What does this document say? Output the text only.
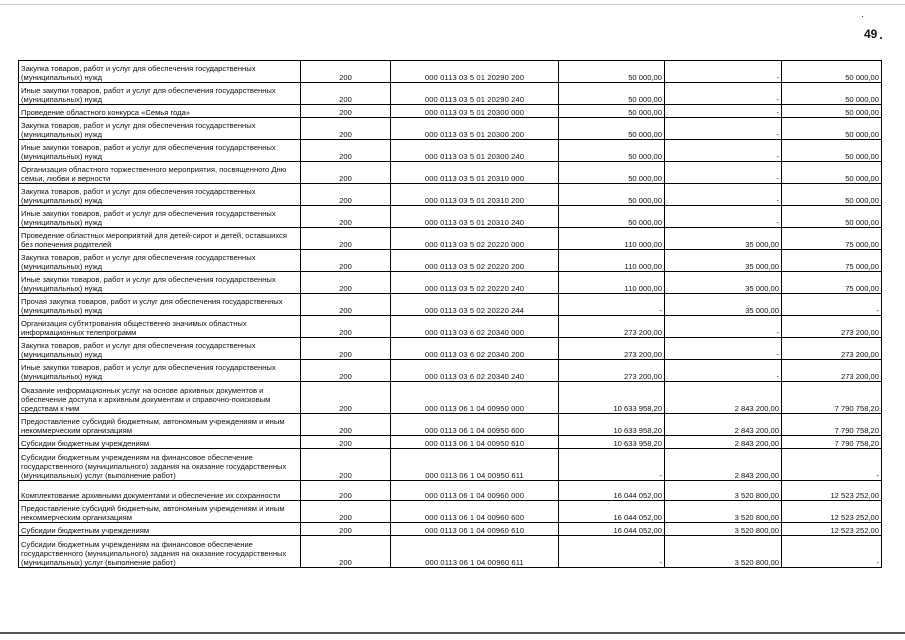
49
Закупка товаров, работ и услуг для обеспечения государственных (муниципальных) нужд	200	000 0113 03 5 01 20290 200	50 000,00	-	50 000,00
Иные закупки товаров, работ и услуг для обеспечения государственных (муниципальных) нужд	200	000 0113 03 5 01 20290 240	50 000,00	-	50 000,00
Проведение областного конкурса «Семья года»	200	000 0113 03 5 01 20300 000	50 000,00	-	50 000,00
Закупка товаров, работ и услуг для обеспечения государственных (муниципальных) нужд	200	000 0113 03 5 01 20300 200	50 000,00	-	50 000,00
Иные закупки товаров, работ и услуг для обеспечения государственных (муниципальных) нужд	200	000 0113 03 5 01 20300 240	50 000,00	-	50 000,00
Организация областного торжественного мероприятия, посвященного Дню семьи, любви и верности	200	000 0113 03 5 01 20310 000	50 000,00	-	50 000,00
Закупка товаров, работ и услуг для обеспечения государственных (муниципальных) нужд	200	000 0113 03 5 01 20310 200	50 000,00	-	50 000,00
Иные закупки товаров, работ и услуг для обеспечения государственных (муниципальных) нужд	200	000 0113 03 5 01 20310 240	50 000,00	-	50 000,00
Проведение областных мероприятий для детей-сирот и детей, оставшихся без попечения родителей	200	000 0113 03 5 02 20220 000	110 000,00	35 000,00	75 000,00
Закупка товаров, работ и услуг для обеспечения государственных (муниципальных) нужд	200	000 0113 03 5 02 20220 200	110 000,00	35 000,00	75 000,00
Иные закупки товаров, работ и услуг для обеспечения государственных (муниципальных) нужд	200	000 0113 03 5 02 20220 240	110 000,00	35 000,00	75 000,00
Прочая закупка товаров, работ и услуг для обеспечения государственных (муниципальных) нужд	200	000 0113 03 5 02 20220 244	-	35 000,00	-
Организация субтитрования общественно значимых областных информационных телепрограмм	200	000 0113 03 6 02 20340 000	273 200,00	-	273 200,00
Закупка товаров, работ и услуг для обеспечения государственных (муниципальных) нужд	200	000 0113 03 6 02 20340 200	273 200,00	-	273 200,00
Иные закупки товаров, работ и услуг для обеспечения государственных (муниципальных) нужд	200	000 0113 03 6 02 20340 240	273 200,00	-	273 200,00
Оказание информационных услуг на основе архивных документов и обеспечение доступа к архивным документам и справочно-поисковым средствам к ним	200	000 0113 06 1 04 00950 000	10 633 958,20	2 843 200,00	7 790 758,20
Предоставление субсидий бюджетным, автономным учреждениям и иным некоммерческим организациям	200	000 0113 06 1 04 00950 600	10 633 958,20	2 843 200,00	7 790 758,20
Субсидии бюджетным учреждениям	200	000 0113 06 1 04 00950 610	10 633 958,20	2 843 200,00	7 790 758,20
Субсидии бюджетным учреждениям на финансовое обеспечение государственного (муниципального) задания на оказание государственных (муниципальных) услуг (выполнение работ)	200	000 0113 06 1 04 00950 611	-	2 843 200,00	-
Комплектование архивными документами и обеспечение их сохранности	200	000 0113 06 1 04 00960 000	16 044 052,00	3 520 800,00	12 523 252,00
Предоставление субсидий бюджетным, автономным учреждениям и иным некоммерческим организациям	200	000 0113 06 1 04 00960 600	16 044 052,00	3 520 800,00	12 523 252,00
Субсидии бюджетным учреждениям	200	000 0113 06 1 04 00960 610	16 044 052,00	3 520 800,00	12 523 252,00
Субсидии бюджетным учреждениям на финансовое обеспечение государственного (муниципального) задания на оказание государственных (муниципальных) услуг (выполнение работ)	200	000 0113 06 1 04 00960 611	-	3 520 800,00	-
